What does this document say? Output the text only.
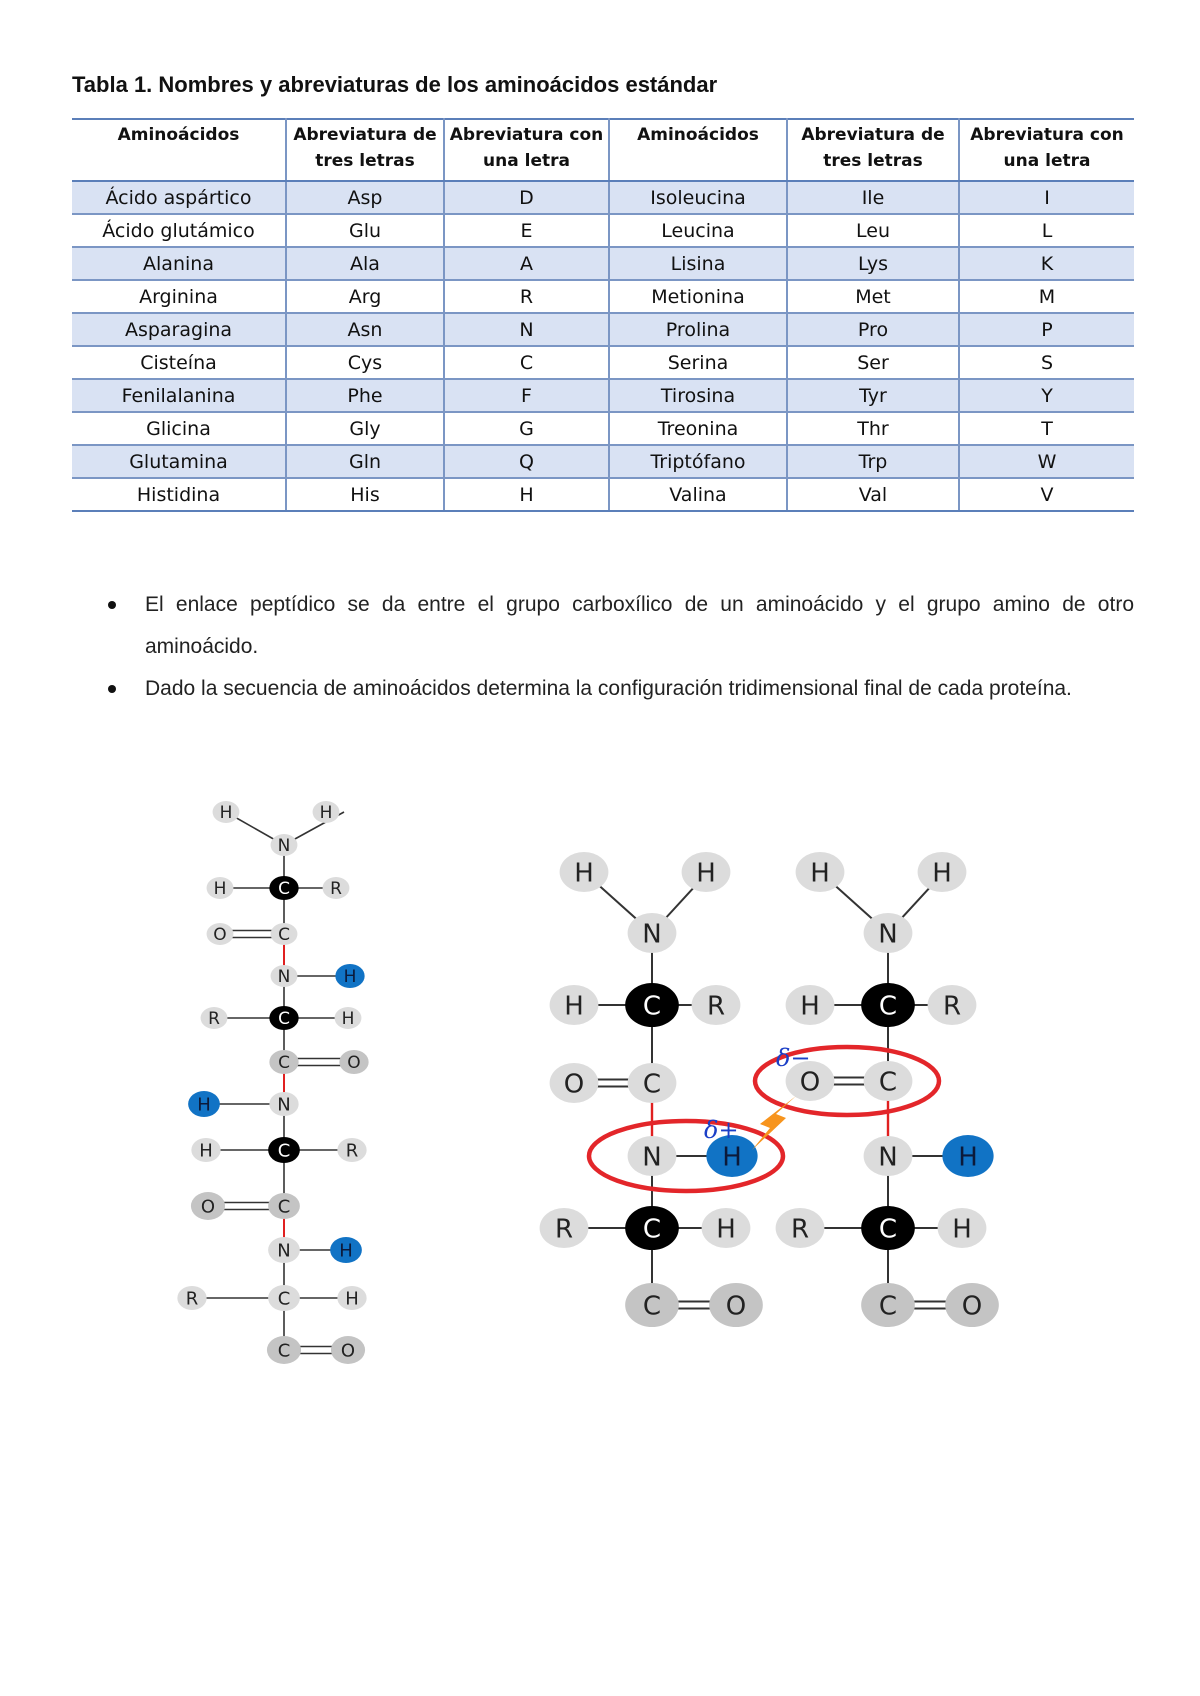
Tabla 1. Nombres y abreviaturas de los aminoácidos estándar
Aminoácidos	Abreviatura de tres letras	Abreviatura con una letra	Aminoácidos	Abreviatura de tres letras	Abreviatura con una letra
Ácido aspártico	Asp	D	Isoleucina	Ile	I
Ácido glutámico	Glu	E	Leucina	Leu	L
Alanina	Ala	A	Lisina	Lys	K
Arginina	Arg	R	Metionina	Met	M
Asparagina	Asn	N	Prolina	Pro	P
Cisteína	Cys	C	Serina	Ser	S
Fenilalanina	Phe	F	Tirosina	Tyr	Y
Glicina	Gly	G	Treonina	Thr	T
Glutamina	Gln	Q	Triptófano	Trp	W
Histidina	His	H	Valina	Val	V
El enlace peptídico se da entre el grupo carboxílico de un aminoácido y el grupo amino de otro aminoácido.
Dado la secuencia de aminoácidos determina la configuración tridimensional final de cada proteína.
H	H
N
H	C R
O	C
N	H
R	C	H
C	O
H	N
H	C	R
O	C
N	H
R	C	H
C	O
H	H
N
H C R
N H
R	C H
C O
H	H
N
H C R
N H
R	C H
C O
O C	O C
δ−
δ+
